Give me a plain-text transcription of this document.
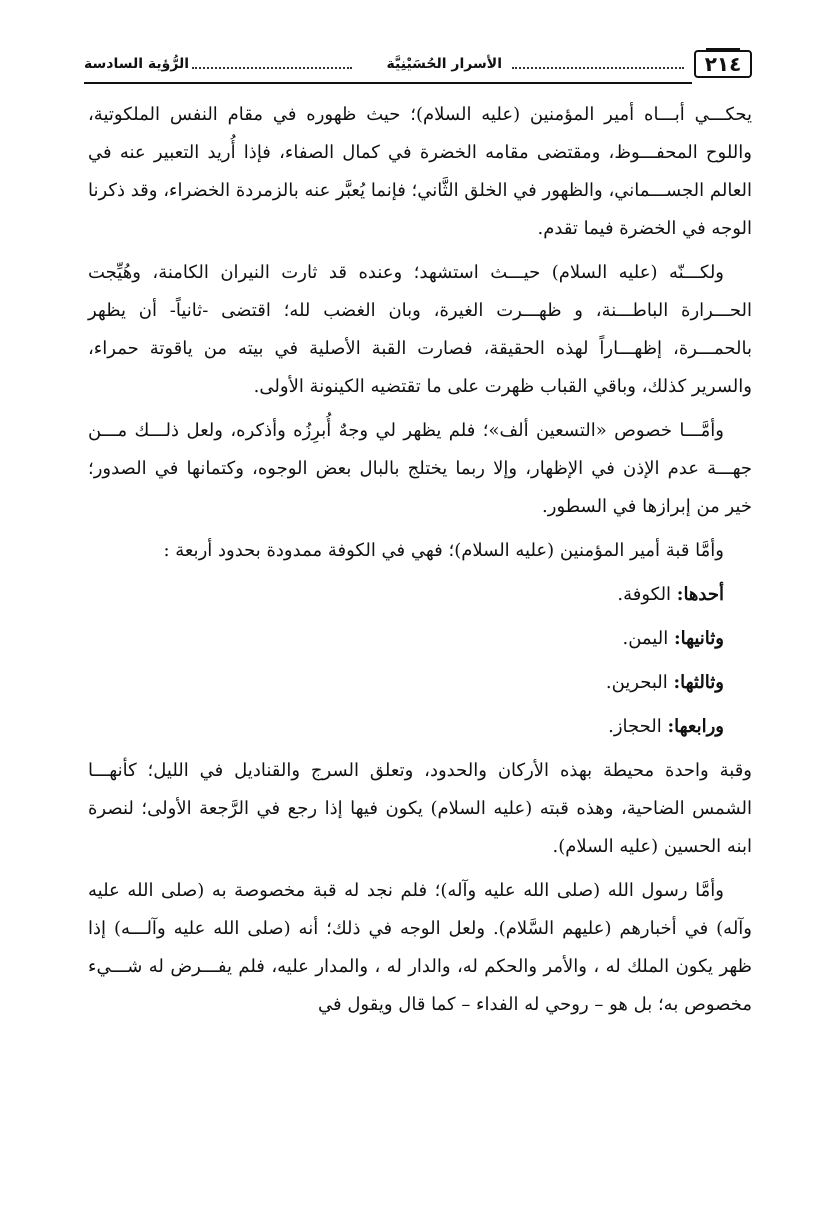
٢١٤
الأسرار الحُسَيْنِيَّة
الرُّؤية السادسة

يحكـــي أبـــاه أمير المؤمنين (عليه السلام)؛ حيث ظهوره في مقام النفس الملكوتية، واللوح المحفـــوظ، ومقتضى مقامه الخضرة في كمال الصفاء، فإذا أُريد التعبير عنه في العالم الجســـماني، والظهور في الخلق الثَّاني؛ فإنما يُعبَّر عنه بالزمردة الخضراء، وقد ذكرنا الوجه في الخضرة فيما تقدم.

ولكـــنّه (عليه السلام) حيـــث استشهد؛ وعنده قد ثارت النيران الكامنة، وهُيِّجت الحـــرارة الباطـــنة، و ظهـــرت الغيرة، وبان الغضب لله؛ اقتضى -ثانياً- أن يظهر بالحمـــرة، إظهـــاراً لهذه الحقيقة، فصارت القبة الأصلية في بيته من ياقوتة حمراء، والسرير كذلك، وباقي القباب ظهرت على ما تقتضيه الكينونة الأولى.

وأمَّـــا خصوص «التسعين ألف»؛ فلم يظهر لي وجهٌ أُبرِزُه وأذكره، ولعل ذلـــك مـــن جهـــة عدم الإذن في الإظهار، وإلا ربما يختلج بالبال بعض الوجوه، وكتمانها في الصدور؛ خير من إبرازها في السطور.

وأمَّا قبة أمير المؤمنين (عليه السلام)؛ فهي في الكوفة ممدودة بحدود أربعة :

أحدها: الكوفة.

وثانيها: اليمن.

وثالثها: البحرين.

ورابعها: الحجاز.

وقبة واحدة محيطة بهذه الأركان والحدود، وتعلق السرج والقناديل في الليل؛ كأنهـــا الشمس الضاحية، وهذه قبته (عليه السلام) يكون فيها إذا رجع في الرَّجعة الأولى؛ لنصرة ابنه الحسين (عليه السلام).

وأمَّا رسول الله (صلى الله عليه وآله)؛ فلم نجد له قبة مخصوصة به (صلى الله عليه وآله) في أخبارهم (عليهم السَّلام). ولعل الوجه في ذلك؛ أنه (صلى الله عليه وآلـــه) إذا ظهر يكون الملك له ، والأمر والحكم له، والدار له ، والمدار عليه، فلم يفـــرض له شـــيء مخصوص به؛ بل هو – روحي له الفداء – كما قال ويقول في
